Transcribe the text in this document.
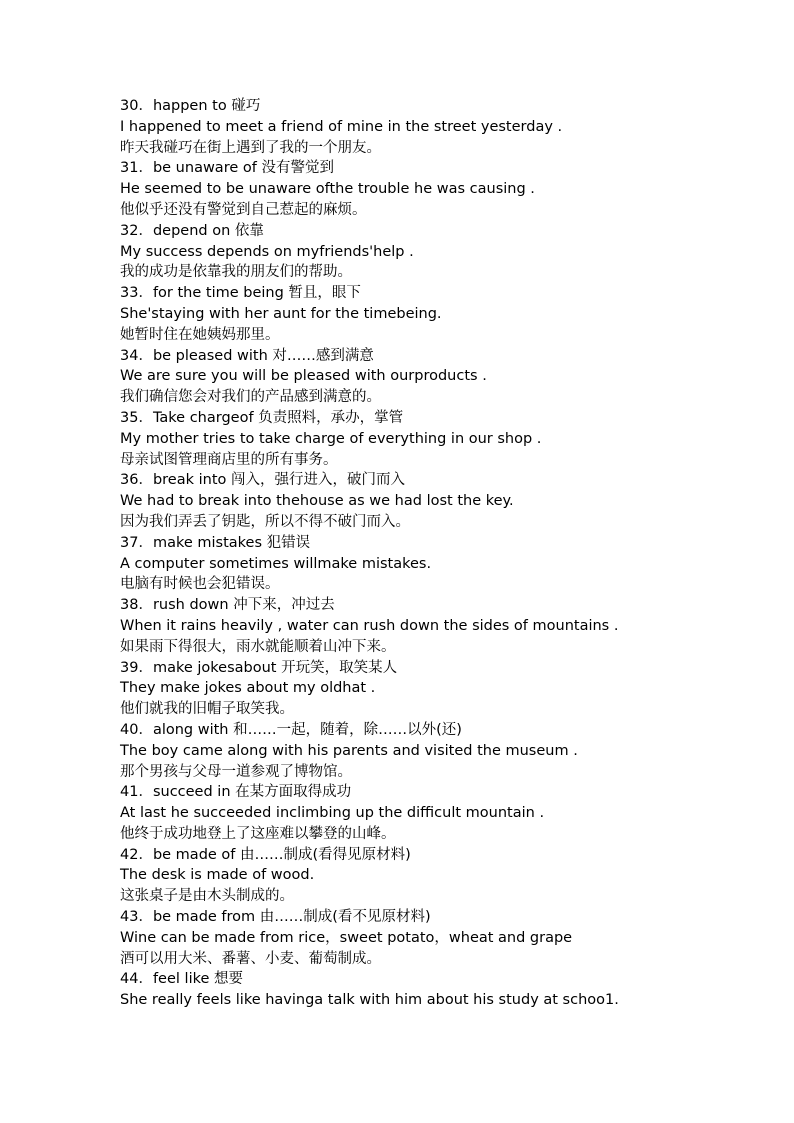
30．happen to 碰巧
I happened to meet a friend of mine in the street yesterday .
昨天我碰巧在街上遇到了我的一个朋友。
31．be unaware of 没有警觉到
He seemed to be unaware ofthe trouble he was causing .
他似乎还没有警觉到自己惹起的麻烦。
32．depend on 依靠
My success depends on myfriends'help .
我的成功是依靠我的朋友们的帮助。
33．for the time being 暂且，眼下
She'staying with her aunt for the timebeing.
她暂时住在她姨妈那里。
34．be pleased with 对……感到满意
We are sure you will be pleased with ourproducts .
我们确信您会对我们的产品感到满意的。
35．Take chargeof 负责照料，承办，掌管
My mother tries to take charge of everything in our shop .
母亲试图管理商店里的所有事务。
36．break into 闯入，强行进入，破门而入
We had to break into thehouse as we had lost the key.
因为我们弄丢了钥匙，所以不得不破门而入。
37．make mistakes 犯错误
A computer sometimes willmake mistakes.
电脑有时候也会犯错误。
38．rush down 冲下来，冲过去
When it rains heavily , water can rush down the sides of mountains .
如果雨下得很大，雨水就能顺着山冲下来。
39．make jokesabout 开玩笑，取笑某人
They make jokes about my oldhat .
他们就我的旧帽子取笑我。
40．along with 和……一起，随着，除……以外(还)
The boy came along with his parents and visited the museum .
那个男孩与父母一道参观了博物馆。
41．succeed in 在某方面取得成功
At last he succeeded inclimbing up the difficult mountain .
他终于成功地登上了这座难以攀登的山峰。
42．be made of 由……制成(看得见原材料)
The desk is made of wood.
这张桌子是由木头制成的。
43．be made from 由……制成(看不见原材料)
Wine can be made from rice，sweet potato，wheat and grape
酒可以用大米、番薯、小麦、葡萄制成。
44．feel like 想要
She really feels like havinga talk with him about his study at schoo1.
